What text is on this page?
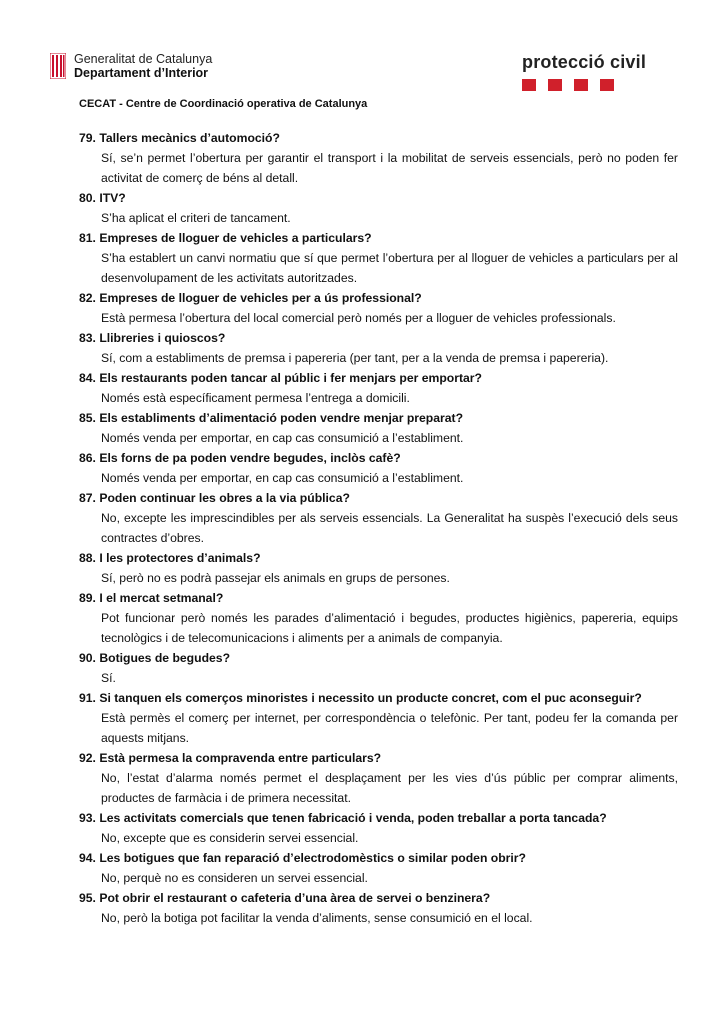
Generalitat de Catalunya
Departament d’Interior
protecció civil
CECAT - Centre de Coordinació operativa de Catalunya
79. Tallers mecànics d’automoció?
Sí, se’n permet l’obertura per garantir el transport i la mobilitat de serveis essencials, però no poden fer activitat de comerç de béns al detall.
80. ITV?
S’ha aplicat el criteri de tancament.
81. Empreses de lloguer de vehicles a particulars?
S’ha establert un canvi normatiu que sí que permet l’obertura per al lloguer de vehicles a particulars per al desenvolupament de les activitats autoritzades.
82. Empreses de lloguer de vehicles per a ús professional?
Està permesa l’obertura del local comercial però només per a lloguer de vehicles professionals.
83. Llibreries i quioscos?
Sí, com a establiments de premsa i papereria (per tant, per a la venda de premsa i papereria).
84. Els restaurants poden tancar al públic i fer menjars per emportar?
Només està específicament permesa l’entrega a domicili.
85. Els establiments d’alimentació poden vendre menjar preparat?
Només venda per emportar, en cap cas consumició a l’establiment.
86. Els forns de pa poden vendre begudes, inclòs cafè?
Només venda per emportar, en cap cas consumició a l’establiment.
87. Poden continuar les obres a la via pública?
No, excepte les imprescindibles per als serveis essencials. La Generalitat ha suspès l’execució dels seus contractes d’obres.
88. I les protectores d’animals?
Sí, però no es podrà passejar els animals en grups de persones.
89. I el mercat setmanal?
Pot funcionar però només les parades d’alimentació i begudes, productes higiènics, papereria, equips tecnològics i de telecomunicacions i aliments per a animals de companyia.
90. Botigues de begudes?
Sí.
91. Si tanquen els comerços minoristes i necessito un producte concret, com el puc aconseguir?
Està permès el comerç per internet, per correspondència o telefònic. Per tant, podeu fer la comanda per aquests mitjans.
92. Està permesa la compravenda entre particulars?
No, l’estat d’alarma només permet el desplaçament per les vies d’ús públic per comprar aliments, productes de farmàcia i de primera necessitat.
93. Les activitats comercials que tenen fabricació i venda, poden treballar a porta tancada?
No, excepte que es considerin servei essencial.
94. Les botigues que fan reparació d’electrodomèstics o similar poden obrir?
No, perquè no es consideren un servei essencial.
95. Pot obrir el restaurant o cafeteria d’una àrea de servei o benzinera?
No, però la botiga pot facilitar la venda d’aliments, sense consumició en el local.
